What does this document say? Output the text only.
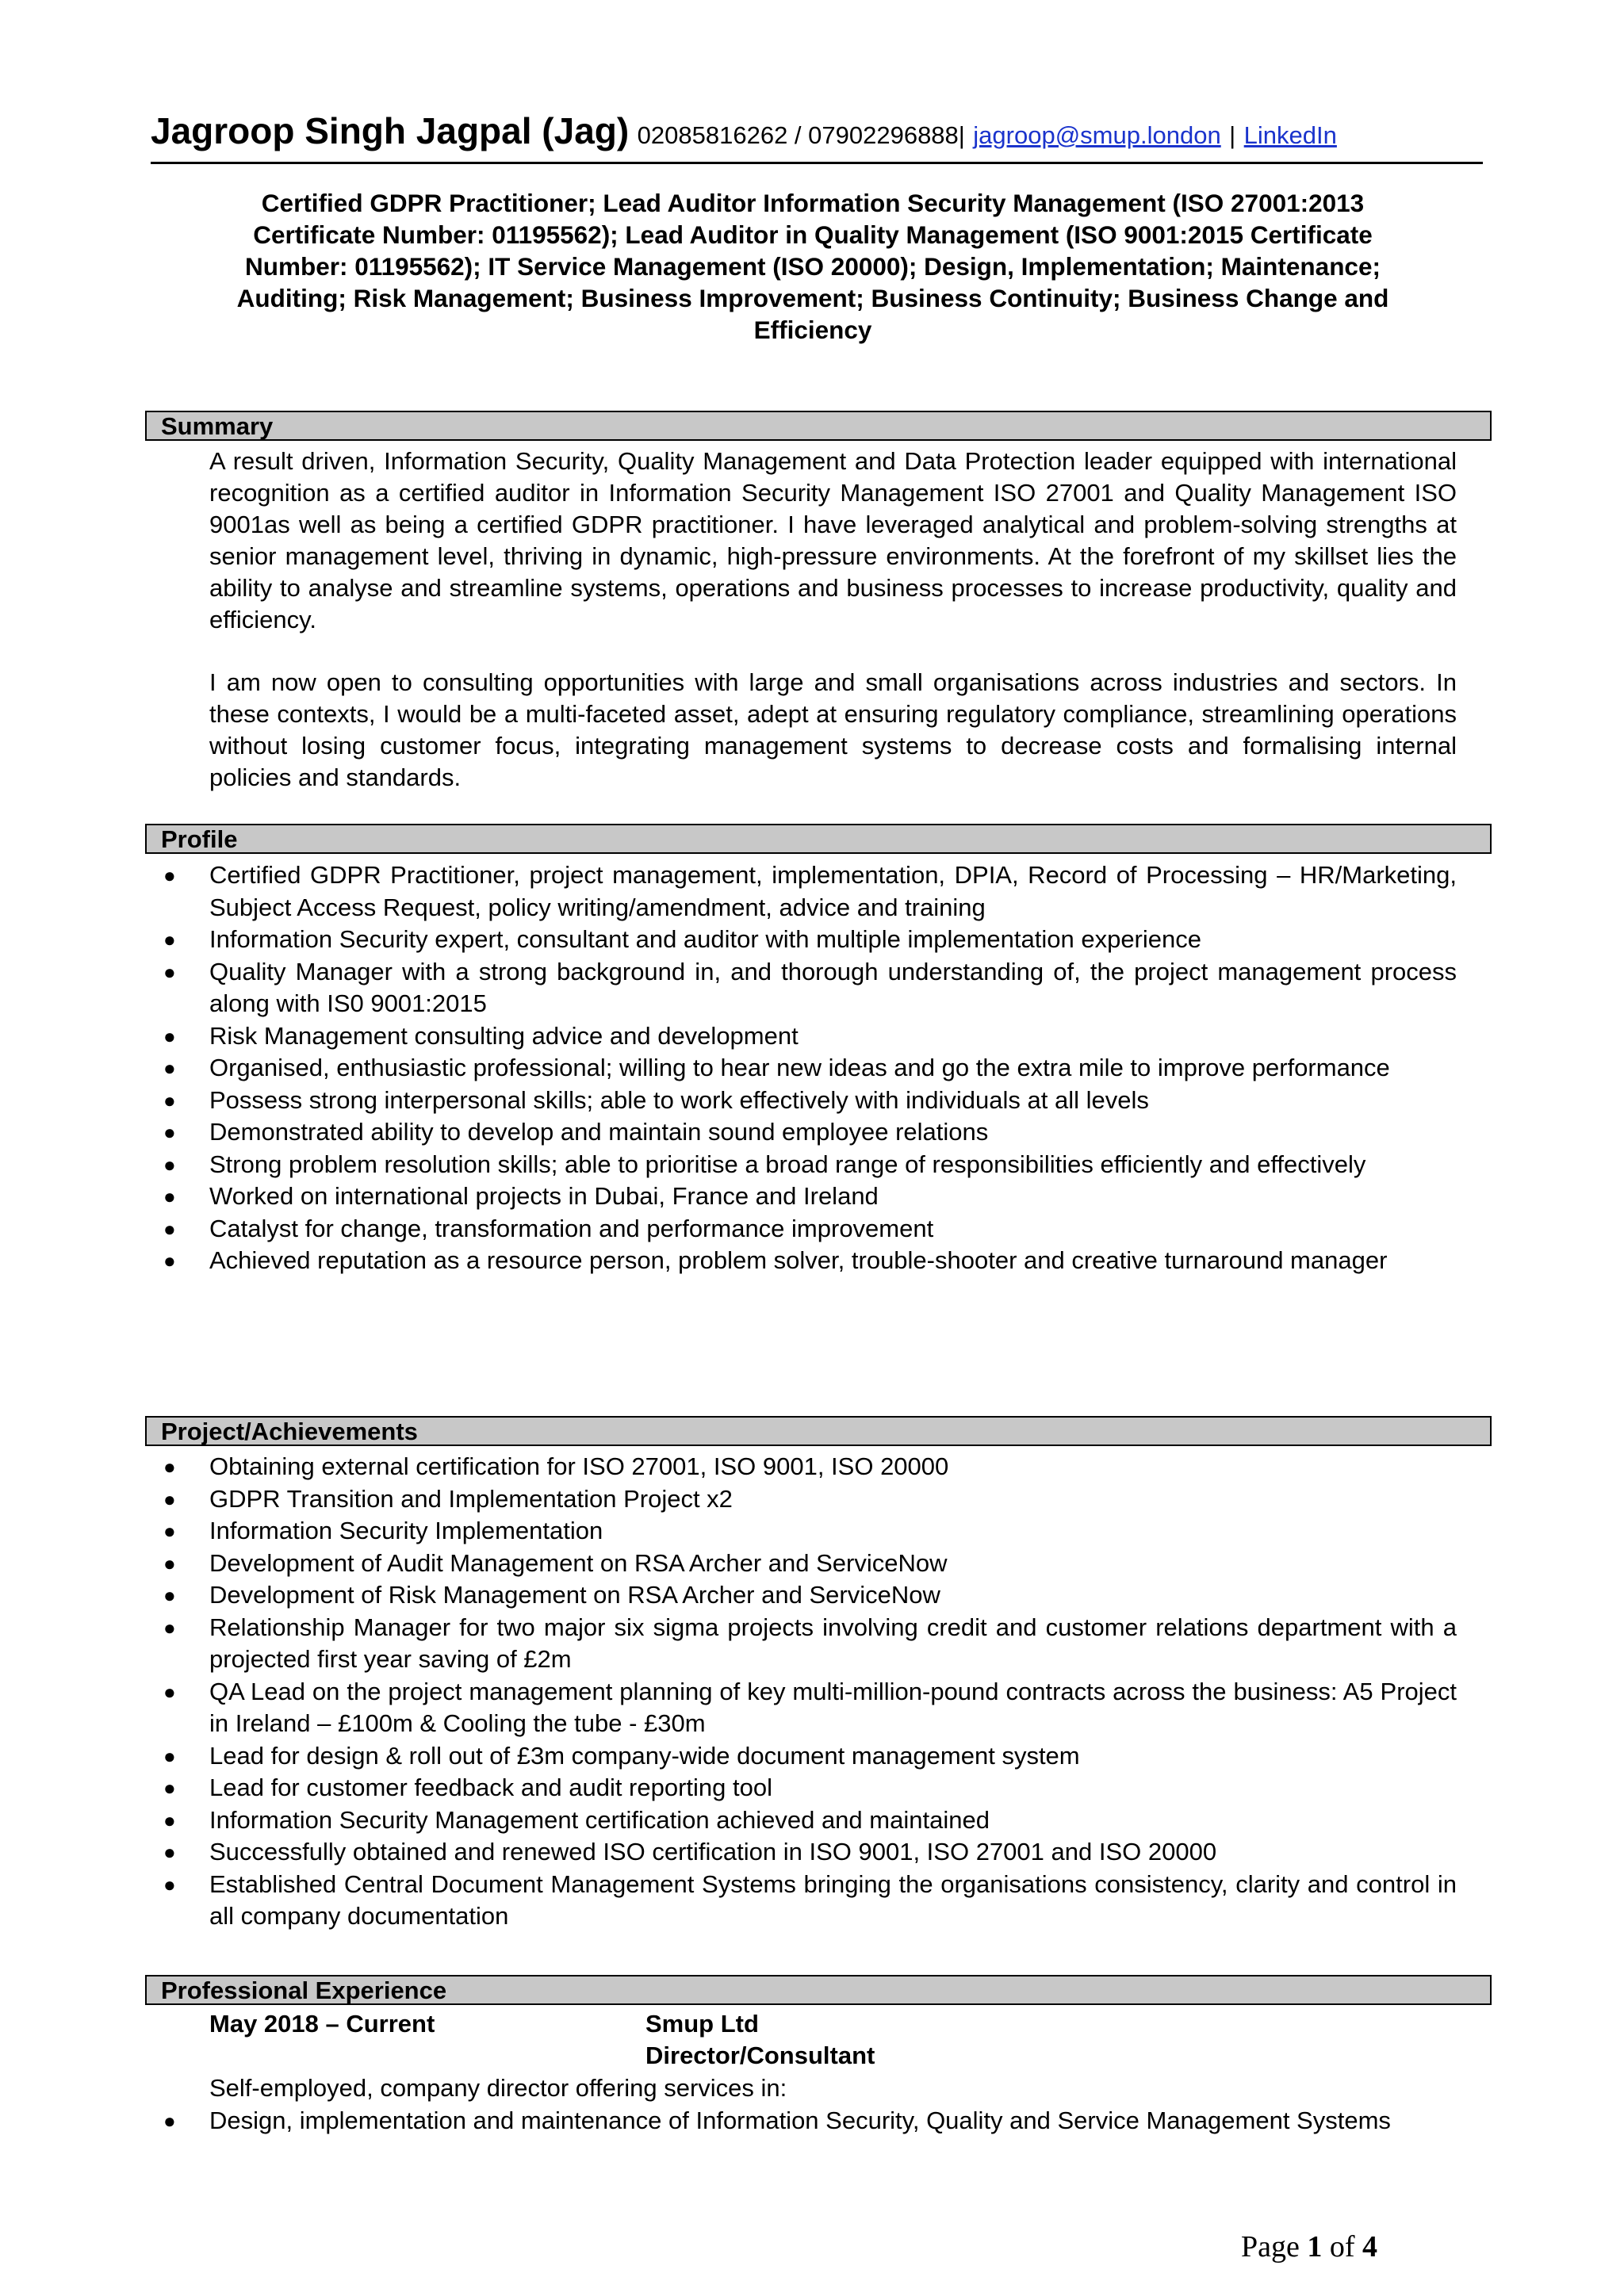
Jagroop Singh Jagpal (Jag) 02085816262 / 07902296888| jagroop@smup.london | LinkedIn
Certified GDPR Practitioner; Lead Auditor Information Security Management (ISO 27001:2013
Certificate Number: 01195562); Lead Auditor in Quality Management (ISO 9001:2015 Certificate
Number: 01195562); IT Service Management (ISO 20000); Design, Implementation; Maintenance;
Auditing; Risk Management; Business Improvement; Business Continuity; Business Change and
Efficiency
Summary
A result driven, Information Security, Quality Management and Data Protection leader equipped with international recognition as a certified auditor in Information Security Management ISO 27001 and Quality Management ISO 9001as well as being a certified GDPR practitioner. I have leveraged analytical and problem-solving strengths at senior management level, thriving in dynamic, high-pressure environments. At the forefront of my skillset lies the ability to analyse and streamline systems, operations and business processes to increase productivity, quality and efficiency.
I am now open to consulting opportunities with large and small organisations across industries and sectors. In these contexts, I would be a multi-faceted asset, adept at ensuring regulatory compliance, streamlining operations without losing customer focus, integrating management systems to decrease costs and formalising internal policies and standards.
Profile
● Certified GDPR Practitioner, project management, implementation, DPIA, Record of Processing – HR/Marketing, Subject Access Request, policy writing/amendment, advice and training
● Information Security expert, consultant and auditor with multiple implementation experience
● Quality Manager with a strong background in, and thorough understanding of, the project management process along with IS0 9001:2015
● Risk Management consulting advice and development
● Organised, enthusiastic professional; willing to hear new ideas and go the extra mile to improve performance
● Possess strong interpersonal skills; able to work effectively with individuals at all levels
● Demonstrated ability to develop and maintain sound employee relations
● Strong problem resolution skills; able to prioritise a broad range of responsibilities efficiently and effectively
● Worked on international projects in Dubai, France and Ireland
● Catalyst for change, transformation and performance improvement
● Achieved reputation as a resource person, problem solver, trouble-shooter and creative turnaround manager
Project/Achievements
● Obtaining external certification for ISO 27001, ISO 9001, ISO 20000
● GDPR Transition and Implementation Project x2
● Information Security Implementation
● Development of Audit Management on RSA Archer and ServiceNow
● Development of Risk Management on RSA Archer and ServiceNow
● Relationship Manager for two major six sigma projects involving credit and customer relations department with a projected first year saving of £2m
● QA Lead on the project management planning of key multi-million-pound contracts across the business: A5 Project in Ireland – £100m & Cooling the tube - £30m
● Lead for design & roll out of £3m company-wide document management system
● Lead for customer feedback and audit reporting tool
● Information Security Management certification achieved and maintained
● Successfully obtained and renewed ISO certification in ISO 9001, ISO 27001 and ISO 20000
● Established Central Document Management Systems bringing the organisations consistency, clarity and control in all company documentation
Professional Experience
May 2018 – Current	Smup Ltd
Director/Consultant
Self-employed, company director offering services in:
● Design, implementation and maintenance of Information Security, Quality and Service Management Systems
Page 1 of 4
